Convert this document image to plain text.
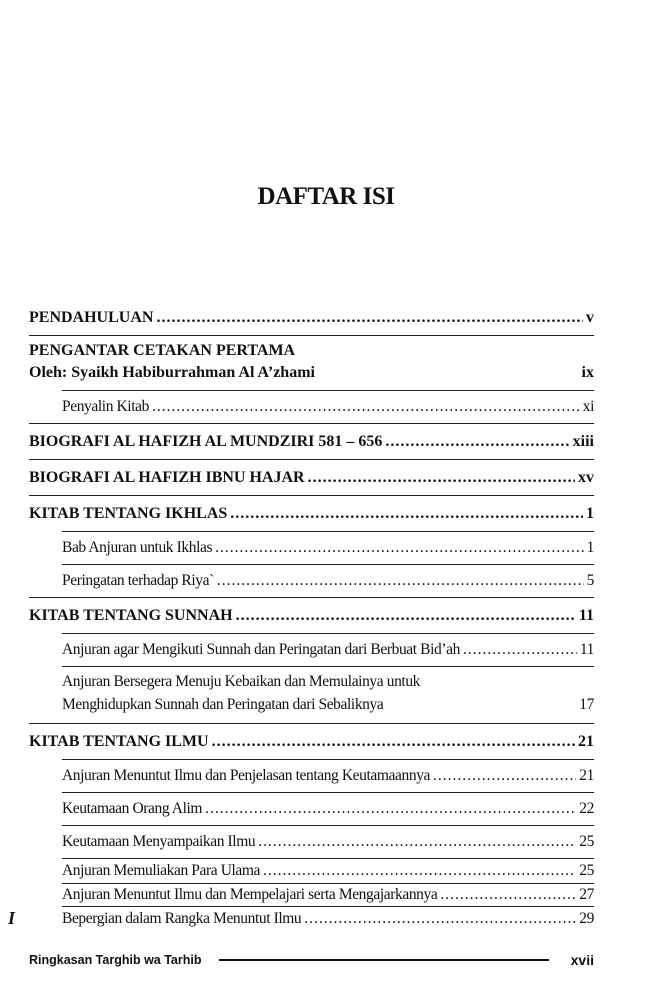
DAFTAR ISI
PENDAHULUAN .....	v
PENGANTAR CETAKAN PERTAMA
Oleh: Syaikh Habiburrahman Al A’zhami	ix
Penyalin Kitab .....	xi
BIOGRAFI AL HAFIZH AL MUNDZIRI 581 – 656 .....	xiii
BIOGRAFI AL HAFIZH IBNU HAJAR .....	xv
KITAB TENTANG IKHLAS .....	1
Bab Anjuran untuk Ikhlas .....	1
Peringatan terhadap Riya` .....	5
KITAB TENTANG SUNNAH .....	11
Anjuran agar Mengikuti Sunnah dan Peringatan dari Berbuat Bid’ah .....	11
Anjuran Bersegera Menuju Kebaikan dan Memulainya untuk
Menghidupkan Sunnah dan Peringatan dari Sebaliknya	17
KITAB TENTANG ILMU .....	21
Anjuran Menuntut Ilmu dan Penjelasan tentang Keutamaannya .....	21
Keutamaan Orang Alim .....	22
Keutamaan Menyampaikan Ilmu .....	25
Anjuran Memuliakan Para Ulama .....	25
Anjuran Menuntut Ilmu dan Mempelajari serta Mengajarkannya .....	27
Bepergian dalam Rangka Menuntut Ilmu .....	29
I
Ringkasan Targhib wa Tarhib	xvii
